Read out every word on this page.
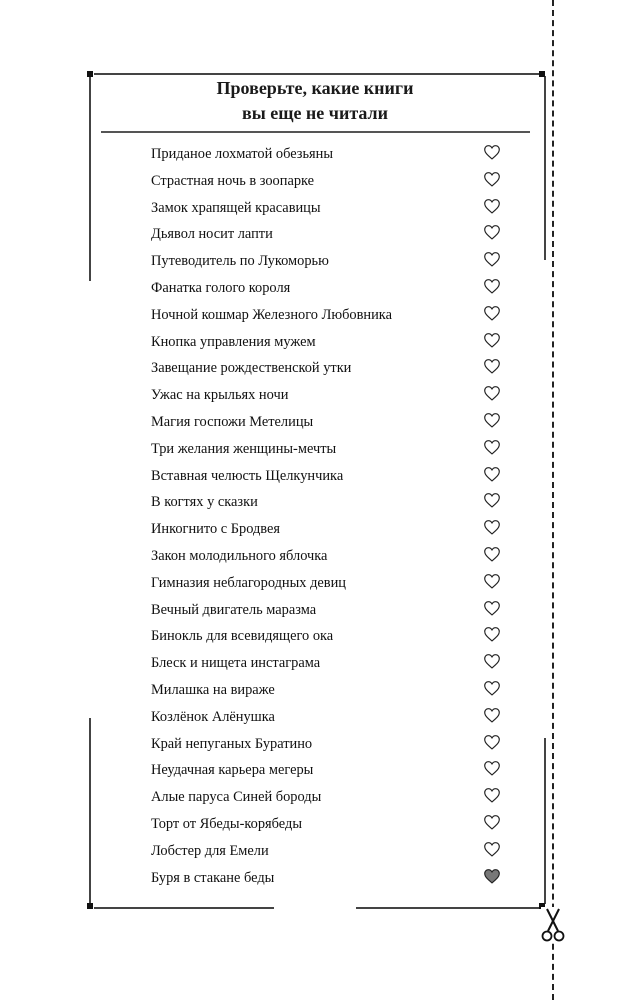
Проверьте, какие книги
вы еще не читали
Приданое лохматой обезьяны
Страстная ночь в зоопарке
Замок храпящей красавицы
Дьявол носит лапти
Путеводитель по Лукоморью
Фанатка голого короля
Ночной кошмар Железного Любовника
Кнопка управления мужем
Завещание рождественской утки
Ужас на крыльях ночи
Магия госпожи Метелицы
Три желания женщины-мечты
Вставная челюсть Щелкунчика
В когтях у сказки
Инкогнито с Бродвея
Закон молодильного яблочка
Гимназия неблагородных девиц
Вечный двигатель маразма
Бинокль для всевидящего ока
Блеск и нищета инстаграма
Милашка на вираже
Козлёнок Алёнушка
Край непуганых Буратино
Неудачная карьера мегеры
Алые паруса Синей бороды
Торт от Ябеды-корябеды
Лобстер для Емели
Буря в стакане беды
